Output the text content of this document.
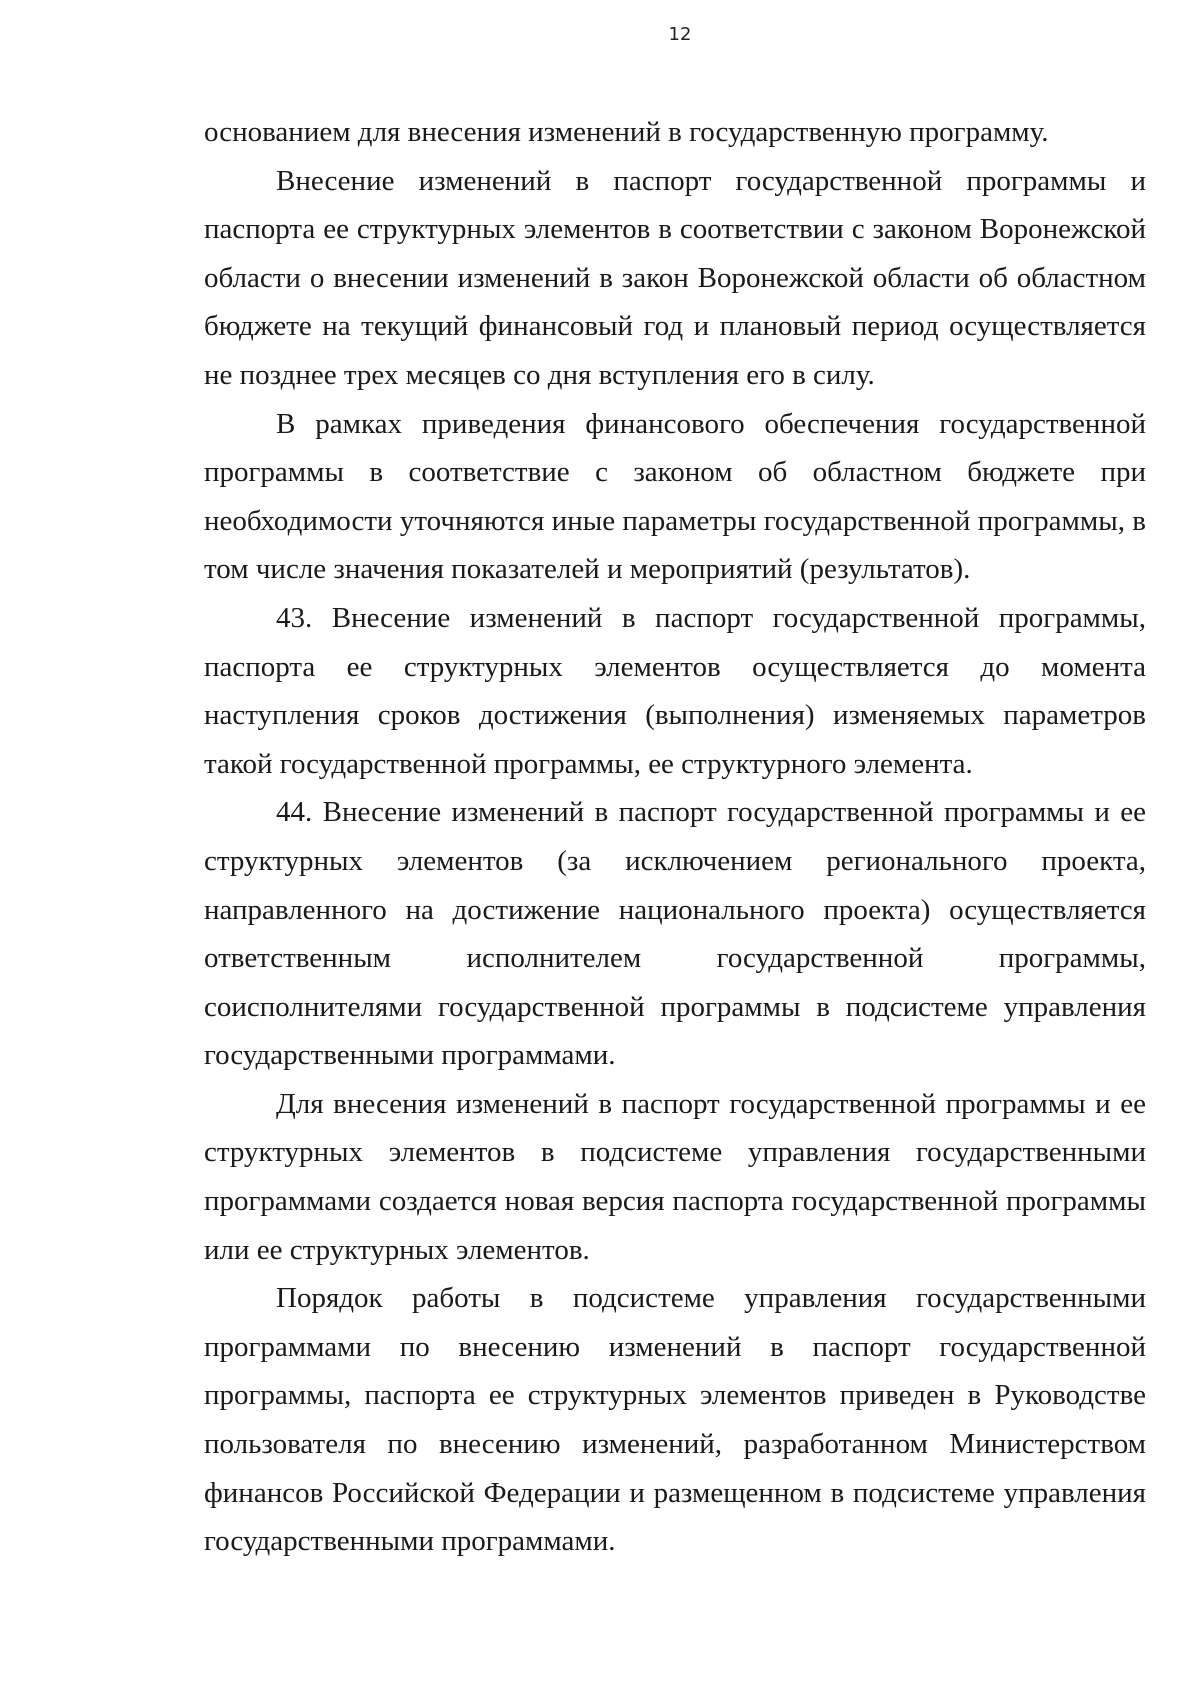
12

основанием для внесения изменений в государственную программу.

Внесение изменений в паспорт государственной программы и паспорта ее структурных элементов в соответствии с законом Воронежской области о внесении изменений в закон Воронежской области об областном бюджете на текущий финансовый год и плановый период осуществляется не позднее трех месяцев со дня вступления его в силу.

В рамках приведения финансового обеспечения государственной программы в соответствие с законом об областном бюджете при необходимости уточняются иные параметры государственной программы, в том числе значения показателей и мероприятий (результатов).

43. Внесение изменений в паспорт государственной программы, паспорта ее структурных элементов осуществляется до момента наступления сроков достижения (выполнения) изменяемых параметров такой государственной программы, ее структурного элемента.

44. Внесение изменений в паспорт государственной программы и ее структурных элементов (за исключением регионального проекта, направленного на достижение национального проекта) осуществляется ответственным исполнителем государственной программы, соисполнителями государственной программы в подсистеме управления государственными программами.

Для внесения изменений в паспорт государственной программы и ее структурных элементов в подсистеме управления государственными программами создается новая версия паспорта государственной программы или ее структурных элементов.

Порядок работы в подсистеме управления государственными программами по внесению изменений в паспорт государственной программы, паспорта ее структурных элементов приведен в Руководстве пользователя по внесению изменений, разработанном Министерством финансов Российской Федерации и размещенном в подсистеме управления государственными программами.
